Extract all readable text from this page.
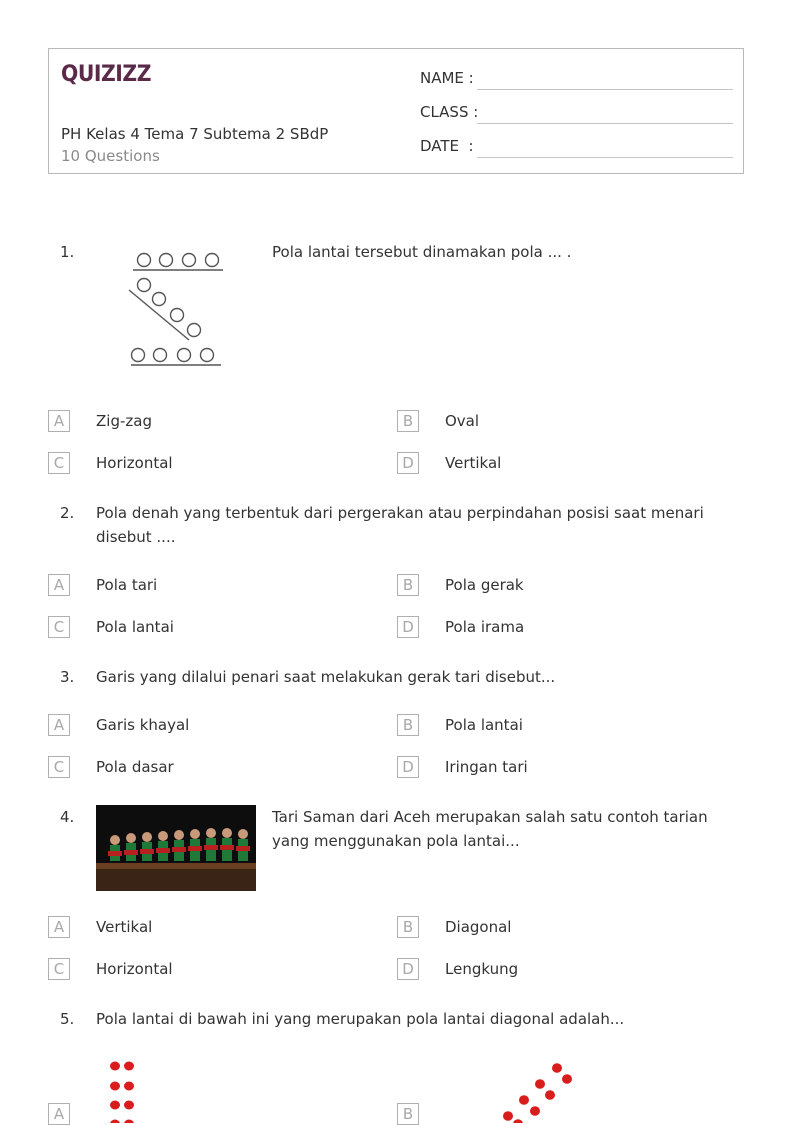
QUIZIZZ
PH Kelas 4 Tema 7 Subtema 2 SBdP
10 Questions
NAME :
CLASS :
DATE  :
1.	Pola lantai tersebut dinamakan pola ... .
A	Zig-zag	B	Oval
C	Horizontal	D	Vertikal
2. Pola denah yang terbentuk dari pergerakan atau perpindahan posisi saat menari disebut ....
A	Pola tari	B	Pola gerak
C	Pola lantai	D	Pola irama
3. Garis yang dilalui penari saat melakukan gerak tari disebut...
A	Garis khayal	B	Pola lantai
C	Pola dasar	D	Iringan tari
4.	Tari Saman dari Aceh merupakan salah satu contoh tarian yang menggunakan pola lantai...
A	Vertikal	B	Diagonal
C	Horizontal	D	Lengkung
5. Pola lantai di bawah ini yang merupakan pola lantai diagonal adalah...
A	B
